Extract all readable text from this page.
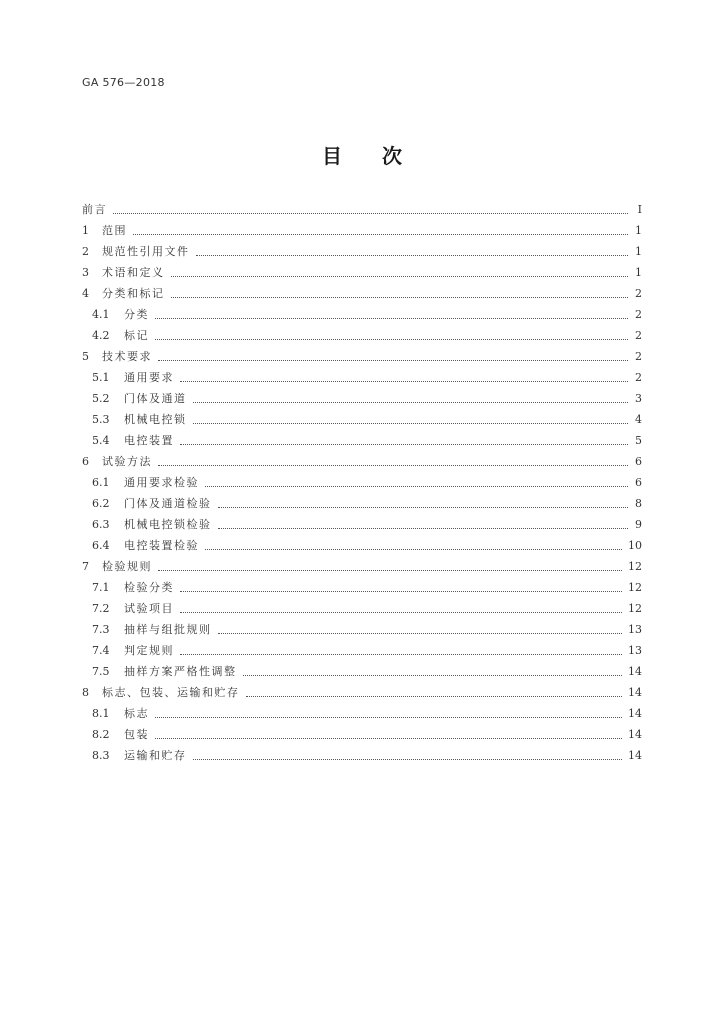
GA 576—2018
目次
前言	Ⅰ
1	范围	1
2	规范性引用文件	1
3	术语和定义	1
4	分类和标记	2
4.1	分类	2
4.2	标记	2
5	技术要求	2
5.1	通用要求	2
5.2	门体及通道	3
5.3	机械电控锁	4
5.4	电控装置	5
6	试验方法	6
6.1	通用要求检验	6
6.2	门体及通道检验	8
6.3	机械电控锁检验	9
6.4	电控装置检验	10
7	检验规则	12
7.1	检验分类	12
7.2	试验项目	12
7.3	抽样与组批规则	13
7.4	判定规则	13
7.5	抽样方案严格性调整	14
8	标志、包装、运输和贮存	14
8.1	标志	14
8.2	包装	14
8.3	运输和贮存	14
